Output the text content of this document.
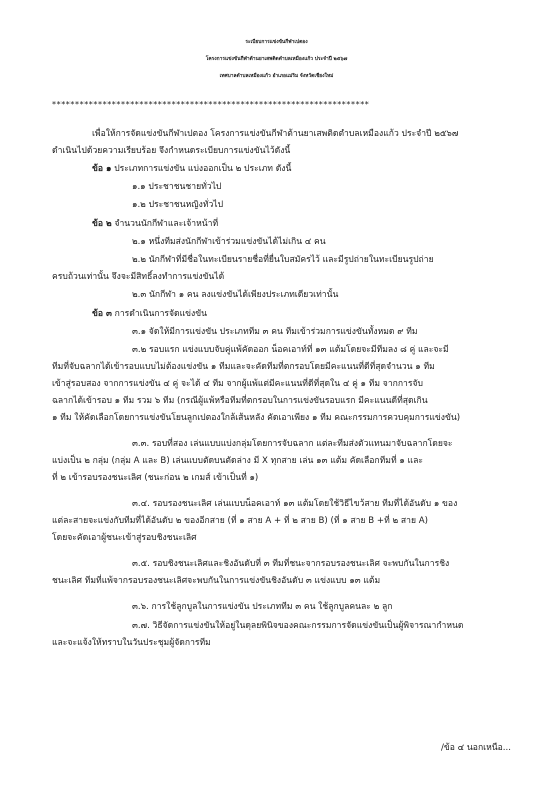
ระเบียบการแข่งขันกีฬาเปตอง
โครงการแข่งขันกีฬาต้านยาเสพติดตำบลเหมืองแก้ว ประจำปี ๒๕๖๗
เทศบาลตำบลเหมืองแก้ว อำเภอแม่ริม จังหวัดเชียงใหม่
*********************************************************************
เพื่อให้การจัดแข่งขันกีฬาเปตอง โครงการแข่งขันกีฬาต้านยาเสพติดตำบลเหมืองแก้ว ประจำปี ๒๕๖๗
ดำเนินไปด้วยความเรียบร้อย จึงกำหนดระเบียบการแข่งขันไว้ดังนี้
ข้อ ๑ ประเภทการแข่งขัน แบ่งออกเป็น ๒ ประเภท ดังนี้
๑.๑ ประชาชนชายทั่วไป
๑.๒ ประชาชนหญิงทั่วไป
ข้อ ๒ จำนวนนักกีฬาและเจ้าหน้าที่
๒.๑ หนึ่งทีมส่งนักกีฬาเข้าร่วมแข่งขันได้ไม่เกิน ๔ คน
๒.๒ นักกีฬาที่มีชื่อในทะเบียนรายชื่อที่ยื่นใบสมัครไว้ และมีรูปถ่ายในทะเบียนรูปถ่าย
ครบถ้วนเท่านั้น จึงจะมีสิทธิ์ลงทำการแข่งขันได้
๒.๓ นักกีฬา ๑ คน ลงแข่งขันได้เพียงประเภทเดียวเท่านั้น
ข้อ ๓ การดำเนินการจัดแข่งขัน
๓.๑ จัดให้มีการแข่งขัน ประเภททีม ๓ คน ทีมเข้าร่วมการแข่งขันทั้งหมด ๙ ทีม
๓.๒ รอบแรก แข่งแบบจับคู่แพ้คัดออก น็อคเอาท์ที่ ๑๓ แต้มโดยจะมีทีมลง ๘ คู่ และจะมี
ทีมที่จับฉลากได้เข้ารอบแบบไม่ต้องแข่งขัน ๑ ทีมและจะคัดทีมที่ตกรอบโดยมีคะแนนที่ดีที่สุดจำนวน ๑ ทีม
เข้าสู่รอบสอง จากการแข่งขัน ๔ คู่ จะได้ ๔ ทีม จากผู้แพ้แต่มีคะแนนที่ดีที่สุดใน ๔ คู่ ๑ ทีม จากการจับ
ฉลากได้เข้ารอบ ๑ ทีม รวม ๖ ทีม (กรณีผู้แพ้หรือทีมที่ตกรอบในการแข่งขันรอบแรก มีคะแนนดีที่สุดเกิน
๑ ทีม ให้คัดเลือกโดยการแข่งขันโยนลูกเปตองใกล้เส้นหลัง คัดเอาเพียง ๑ ทีม คณะกรรมการควบคุมการแข่งขัน)
๓.๓. รอบที่สอง เล่นแบบแบ่งกลุ่มโดยการจับฉลาก แต่ละทีมส่งตัวแทนมาจับฉลากโดยจะ
แบ่งเป็น ๒ กลุ่ม (กลุ่ม A และ B) เล่นแบบตัดบนตัดล่าง มี X ทุกสาย เล่น ๑๓ แต้ม คัดเลือกทีมที่ ๑ และ
ที่ ๒ เข้ารอบรองชนะเลิศ (ชนะก่อน ๒ เกมส์ เข้าเป็นที่ ๑)
๓.๔. รอบรองชนะเลิศ เล่นแบบน็อคเอาท์ ๑๓ แต้มโดยใช้วิธีไขว้สาย ทีมที่ได้อันดับ ๑ ของ
แต่ละสายจะแข่งกับทีมที่ได้อันดับ ๒ ของอีกสาย (ที่ ๑ สาย A + ที่ ๒ สาย B) (ที่ ๑ สาย B +ที่ ๒ สาย A)
โดยจะคัดเอาผู้ชนะเข้าสู่รอบชิงชนะเลิศ
๓.๕. รอบชิงชนะเลิศและชิงอันดับที่ ๓ ทีมที่ชนะจากรอบรองชนะเลิศ จะพบกันในการชิง
ชนะเลิศ ทีมที่แพ้จากรอบรองชนะเลิศจะพบกันในการแข่งขันชิงอันดับ ๓ แข่งแบบ ๑๓ แต้ม
๓.๖. การใช้ลูกบูลในการแข่งขัน ประเภททีม ๓ คน ใช้ลูกบูลคนละ ๒ ลูก
๓.๗. วิธีจัดการแข่งขันให้อยู่ในดุลยพินิจของคณะกรรมการจัดแข่งขันเป็นผู้พิจารณากำหนด
และจะแจ้งให้ทราบในวันประชุมผู้จัดการทีม
/ข้อ ๔ นอกเหนือ...
